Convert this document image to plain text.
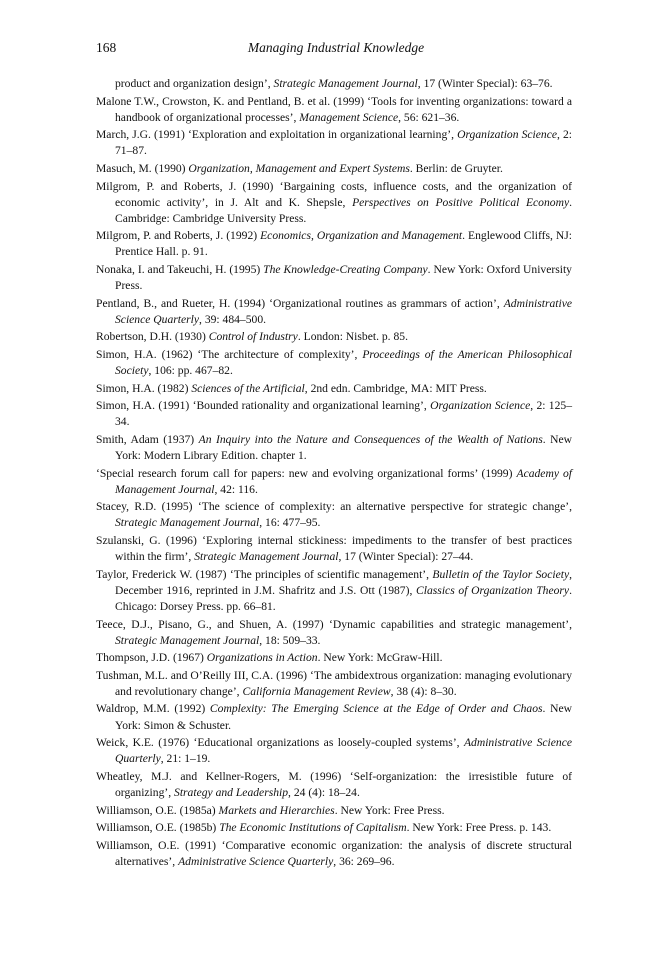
168	Managing Industrial Knowledge

product and organization design’, Strategic Management Journal, 17 (Winter Special): 63–76.

Malone T.W., Crowston, K. and Pentland, B. et al. (1999) ‘Tools for inventing organizations: toward a handbook of organizational processes’, Management Science, 56: 621–36.

March, J.G. (1991) ‘Exploration and exploitation in organizational learning’, Organization Science, 2: 71–87.

Masuch, M. (1990) Organization, Management and Expert Systems. Berlin: de Gruyter.

Milgrom, P. and Roberts, J. (1990) ‘Bargaining costs, influence costs, and the organization of economic activity’, in J. Alt and K. Shepsle, Perspectives on Positive Political Economy. Cambridge: Cambridge University Press.

Milgrom, P. and Roberts, J. (1992) Economics, Organization and Management. Englewood Cliffs, NJ: Prentice Hall. p. 91.

Nonaka, I. and Takeuchi, H. (1995) The Knowledge-Creating Company. New York: Oxford University Press.

Pentland, B., and Rueter, H. (1994) ‘Organizational routines as grammars of action’, Administrative Science Quarterly, 39: 484–500.

Robertson, D.H. (1930) Control of Industry. London: Nisbet. p. 85.

Simon, H.A. (1962) ‘The architecture of complexity’, Proceedings of the American Philosophical Society, 106: pp. 467–82.

Simon, H.A. (1982) Sciences of the Artificial, 2nd edn. Cambridge, MA: MIT Press.

Simon, H.A. (1991) ‘Bounded rationality and organizational learning’, Organization Science, 2: 125–34.

Smith, Adam (1937) An Inquiry into the Nature and Consequences of the Wealth of Nations. New York: Modern Library Edition. chapter 1.

‘Special research forum call for papers: new and evolving organizational forms’ (1999) Academy of Management Journal, 42: 116.

Stacey, R.D. (1995) ‘The science of complexity: an alternative perspective for strategic change’, Strategic Management Journal, 16: 477–95.

Szulanski, G. (1996) ‘Exploring internal stickiness: impediments to the transfer of best practices within the firm’, Strategic Management Journal, 17 (Winter Special): 27–44.

Taylor, Frederick W. (1987) ‘The principles of scientific management’, Bulletin of the Taylor Society, December 1916, reprinted in J.M. Shafritz and J.S. Ott (1987), Classics of Organization Theory. Chicago: Dorsey Press. pp. 66–81.

Teece, D.J., Pisano, G., and Shuen, A. (1997) ‘Dynamic capabilities and strategic management’, Strategic Management Journal, 18: 509–33.

Thompson, J.D. (1967) Organizations in Action. New York: McGraw-Hill.

Tushman, M.L. and O’Reilly III, C.A. (1996) ‘The ambidextrous organization: managing evolutionary and revolutionary change’, California Management Review, 38 (4): 8–30.

Waldrop, M.M. (1992) Complexity: The Emerging Science at the Edge of Order and Chaos. New York: Simon & Schuster.

Weick, K.E. (1976) ‘Educational organizations as loosely-coupled systems’, Administrative Science Quarterly, 21: 1–19.

Wheatley, M.J. and Kellner-Rogers, M. (1996) ‘Self-organization: the irresistible future of organizing’, Strategy and Leadership, 24 (4): 18–24.

Williamson, O.E. (1985a) Markets and Hierarchies. New York: Free Press.

Williamson, O.E. (1985b) The Economic Institutions of Capitalism. New York: Free Press. p. 143.

Williamson, O.E. (1991) ‘Comparative economic organization: the analysis of discrete structural alternatives’, Administrative Science Quarterly, 36: 269–96.
